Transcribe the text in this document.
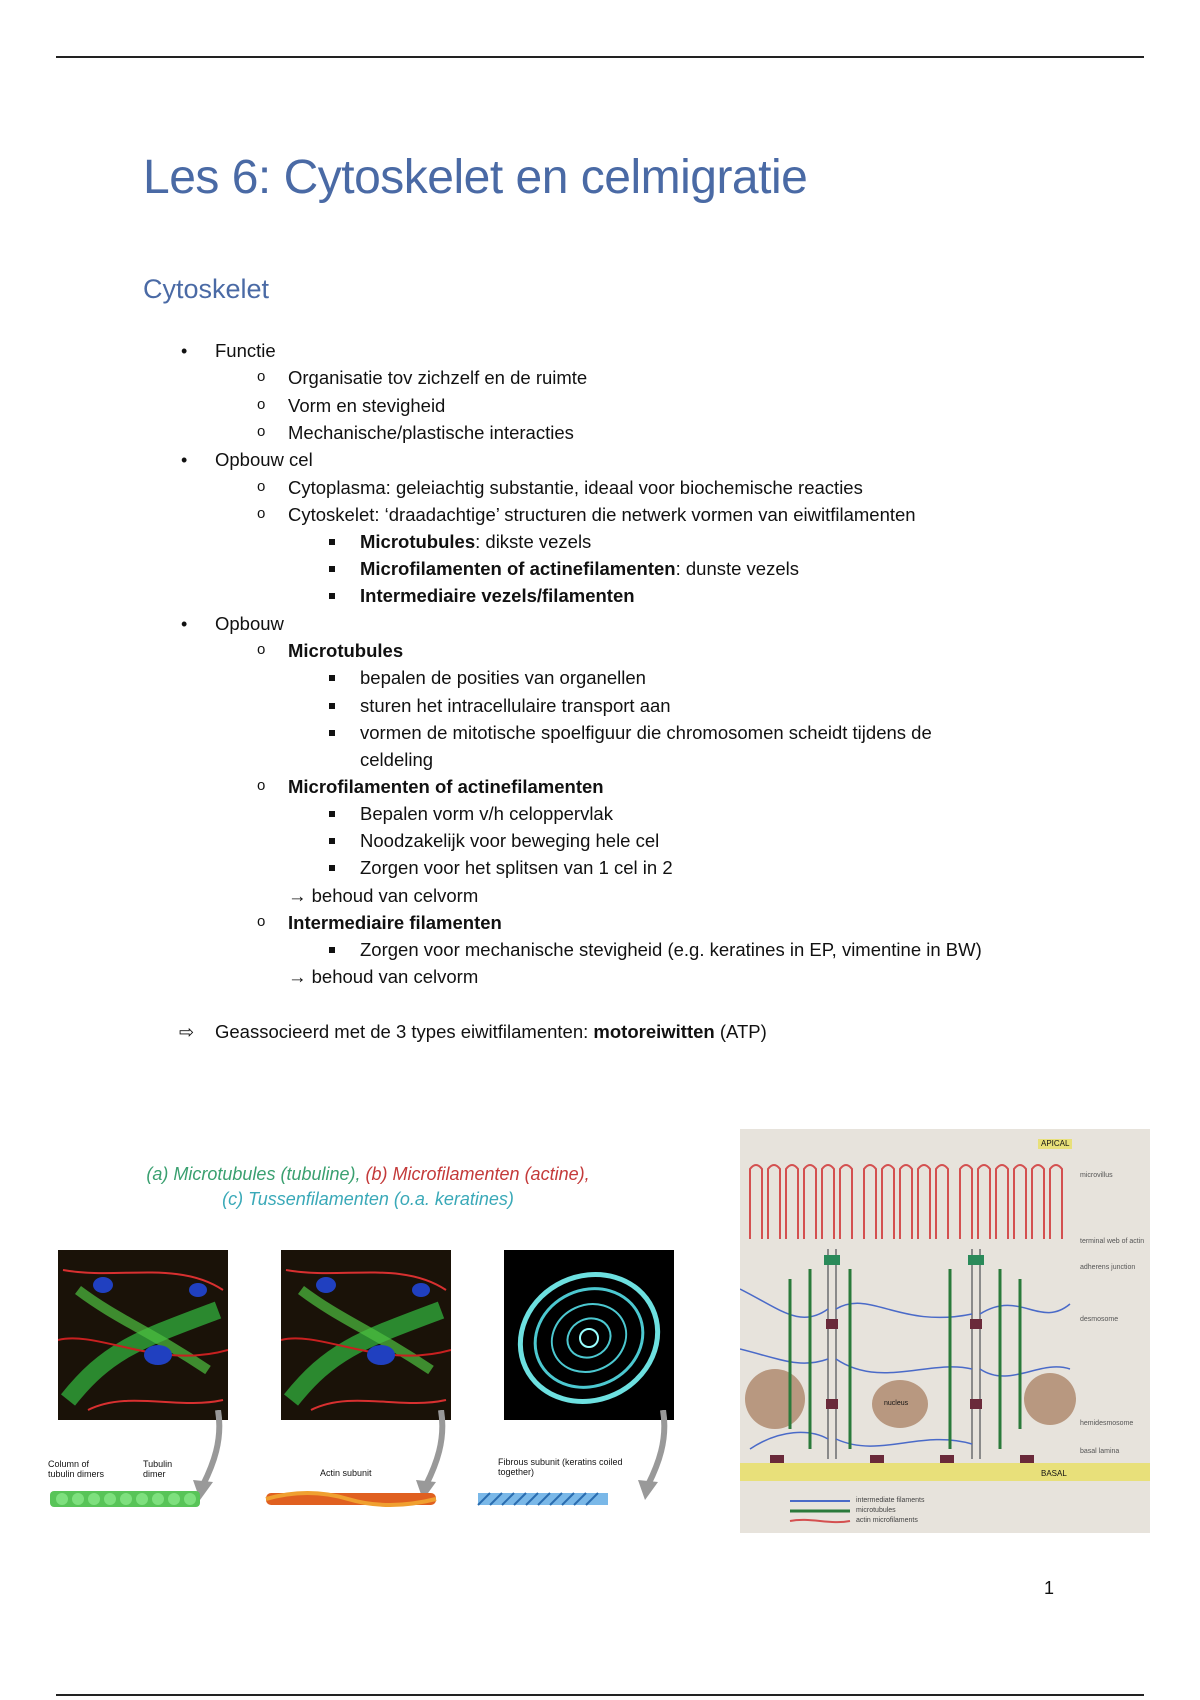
Les 6: Cytoskelet en celmigratie
Cytoskelet
• Functie
o Organisatie tov zichzelf en de ruimte
o Vorm en stevigheid
o Mechanische/plastische interacties
• Opbouw cel
o Cytoplasma: geleiachtig substantie, ideaal voor biochemische reacties
o Cytoskelet: ‘draadachtige’ structuren die netwerk vormen van eiwitfilamenten
Microtubules: dikste vezels
Microfilamenten of actinefilamenten: dunste vezels
Intermediaire vezels/filamenten
• Opbouw
o Microtubules
bepalen de posities van organellen
sturen het intracellulaire transport aan
vormen de mitotische spoelfiguur die chromosomen scheidt tijdens de
celdeling
o Microfilamenten of actinefilamenten
Bepalen vorm v/h celoppervlak
Noodzakelijk voor beweging hele cel
Zorgen voor het splitsen van 1 cel in 2
→ behoud van celvorm
o Intermediaire filamenten
Zorgen voor mechanische stevigheid (e.g. keratines in EP, vimentine in BW)
→ behoud van celvorm
⇨ Geassocieerd met de 3 types eiwitfilamenten: motoreiwitten (ATP)
(a) Microtubules (tubuline), (b) Microfilamenten (actine),
(c) Tussenfilamenten (o.a. keratines)
Column of tubulin dimers
Tubulin dimer	Actin subunit
Fibrous subunit (keratins coiled together)
APICAL
BASAL
nucleus
microvillus
terminal web of actin
adherens junction
desmosome
hemidesmosome
basal lamina
intermediate filaments
microtubules
actin microfilaments
1
